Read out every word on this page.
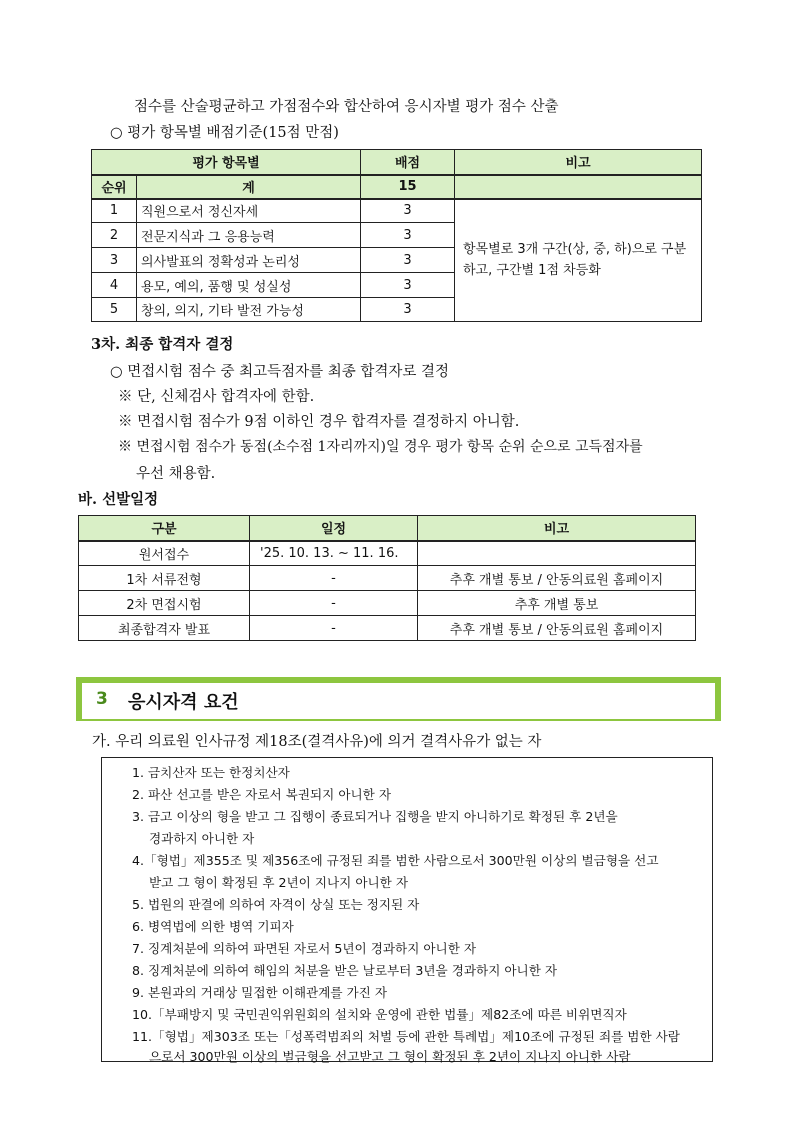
점수를 산술평균하고 가점점수와 합산하여 응시자별 평가 점수 산출
○ 평가 항목별 배점기준(15점 만점)
평가 항목별		배점	비고
순위	계	15	
1	직원으로서 정신자세	3	항목별로 3개 구간(상, 중, 하)으로 구분
하고, 구간별 1점 차등화
2	전문지식과 그 응용능력	3	
3	의사발표의 정확성과 논리성	3	
4	용모, 예의, 품행 및 성실성	3	
5	창의, 의지, 기타 발전 가능성	3	
3차. 최종 합격자 결정
○ 면접시험 점수 중 최고득점자를 최종 합격자로 결정
※ 단, 신체검사 합격자에 한함.
※ 면접시험 점수가 9점 이하인 경우 합격자를 결정하지 아니함.
※ 면접시험 점수가 동점(소수점 1자리까지)일 경우 평가 항목 순위 순으로 고득점자를
우선 채용함.
바. 선발일정
구분	일정	비고
원서접수	'25. 10. 13. ~ 11. 16.	
1차 서류전형	-	추후 개별 통보 / 안동의료원 홈페이지
2차 면접시험	-	추후 개별 통보
최종합격자 발표	-	추후 개별 통보 / 안동의료원 홈페이지
3 응시자격 요건
가. 우리 의료원 인사규정 제18조(결격사유)에 의거 결격사유가 없는 자
1. 금치산자 또는 한정치산자
2. 파산 선고를 받은 자로서 복권되지 아니한 자
3. 금고 이상의 형을 받고 그 집행이 종료되거나 집행을 받지 아니하기로 확정된 후 2년을
경과하지 아니한 자
4.「형법」제355조 및 제356조에 규정된 죄를 범한 사람으로서 300만원 이상의 벌금형을 선고
받고 그 형이 확정된 후 2년이 지나지 아니한 자
5. 법원의 판결에 의하여 자격이 상실 또는 정지된 자
6. 병역법에 의한 병역 기피자
7. 징계처분에 의하여 파면된 자로서 5년이 경과하지 아니한 자
8. 징계처분에 의하여 해임의 처분을 받은 날로부터 3년을 경과하지 아니한 자
9. 본원과의 거래상 밀접한 이해관계를 가진 자
10.「부패방지 및 국민권익위원회의 설치와 운영에 관한 법률」제82조에 따른 비위면직자
11.「형법」제303조 또는「성폭력범죄의 처벌 등에 관한 특례법」제10조에 규정된 죄를 범한 사람
으로서 300만원 이상의 벌금형을 선고받고 그 형이 확정된 후 2년이 지나지 아니한 사람
